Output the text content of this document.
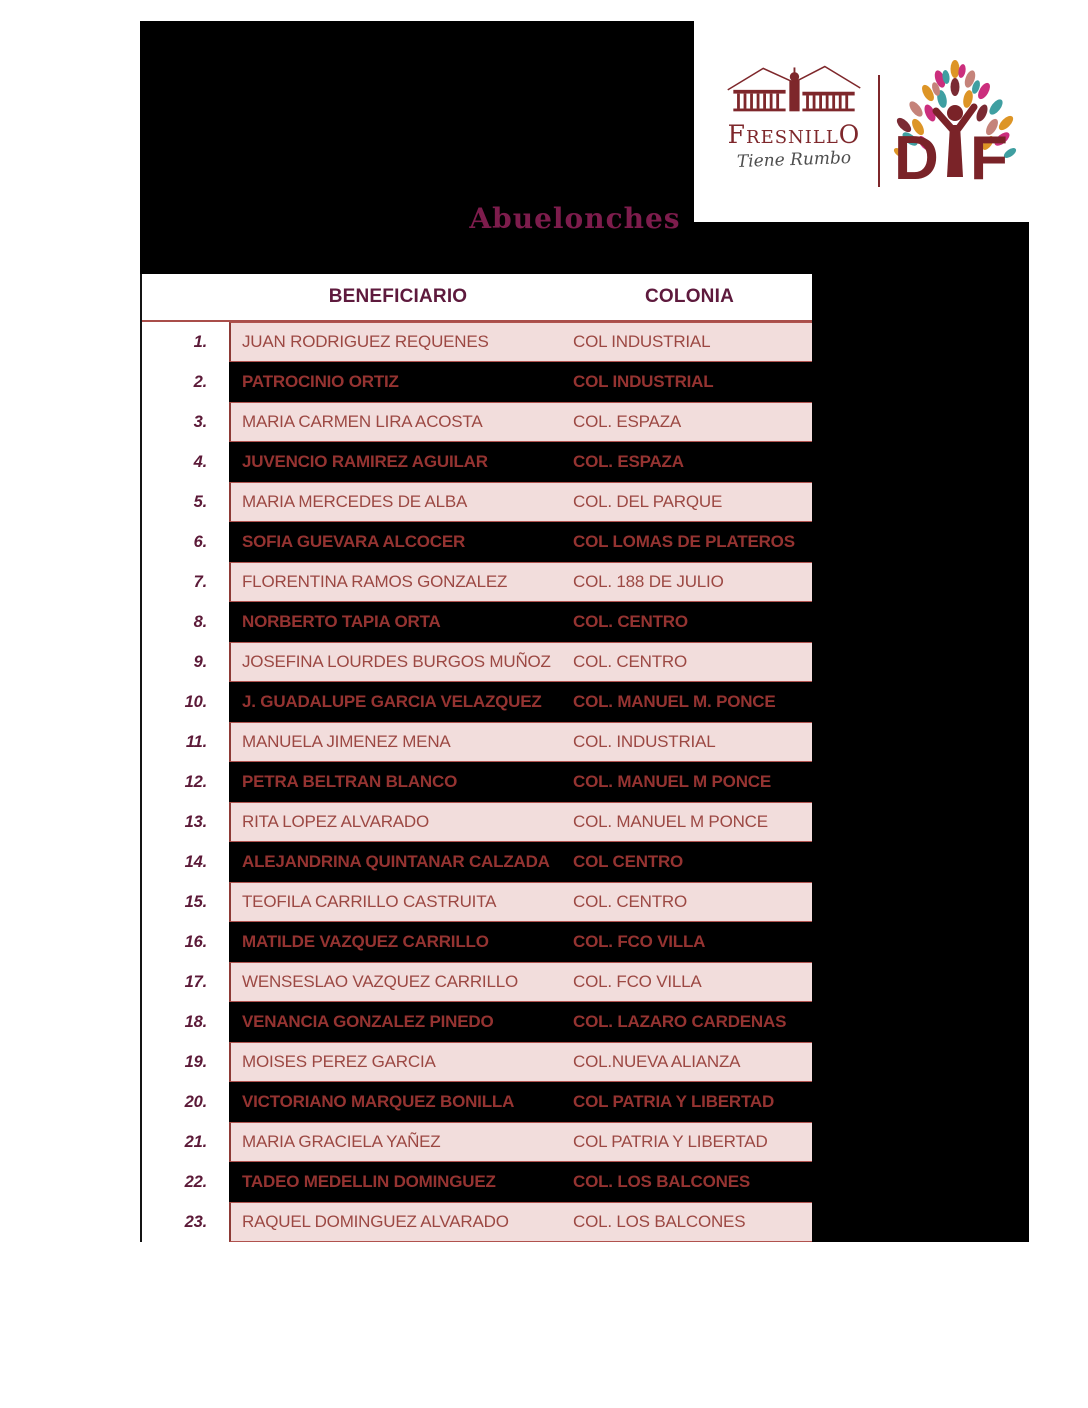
FresnillO
Tiene Rumbo D F
Abuelonches
BENEFICIARIO	COLONIA
1.	JUAN RODRIGUEZ REQUENES	COL INDUSTRIAL
2.	PATROCINIO ORTIZ	COL INDUSTRIAL
3.	MARIA CARMEN LIRA ACOSTA	COL. ESPAZA
4.	JUVENCIO RAMIREZ AGUILAR	COL. ESPAZA
5.	MARIA MERCEDES DE ALBA	COL. DEL PARQUE
6.	SOFIA GUEVARA ALCOCER	COL LOMAS DE PLATEROS
7.	FLORENTINA RAMOS GONZALEZ	COL. 188 DE JULIO
8.	NORBERTO TAPIA ORTA	COL. CENTRO
9.	JOSEFINA LOURDES BURGOS MUÑOZ	COL. CENTRO
10.	J. GUADALUPE GARCIA VELAZQUEZ	COL. MANUEL M. PONCE
11.	MANUELA JIMENEZ MENA	COL. INDUSTRIAL
12.	PETRA BELTRAN BLANCO	COL. MANUEL M PONCE
13.	RITA LOPEZ ALVARADO	COL. MANUEL M PONCE
14.	ALEJANDRINA QUINTANAR CALZADA	COL CENTRO
15.	TEOFILA CARRILLO CASTRUITA	COL. CENTRO
16.	MATILDE VAZQUEZ CARRILLO	COL. FCO VILLA
17.	WENSESLAO VAZQUEZ CARRILLO	COL. FCO VILLA
18.	VENANCIA GONZALEZ PINEDO	COL. LAZARO CARDENAS
19.	MOISES PEREZ GARCIA	COL.NUEVA ALIANZA
20.	VICTORIANO MARQUEZ BONILLA	COL PATRIA Y LIBERTAD
21.	MARIA GRACIELA YAÑEZ	COL PATRIA Y LIBERTAD
22.	TADEO MEDELLIN DOMINGUEZ	COL. LOS BALCONES
23.	RAQUEL DOMINGUEZ ALVARADO	COL. LOS BALCONES
